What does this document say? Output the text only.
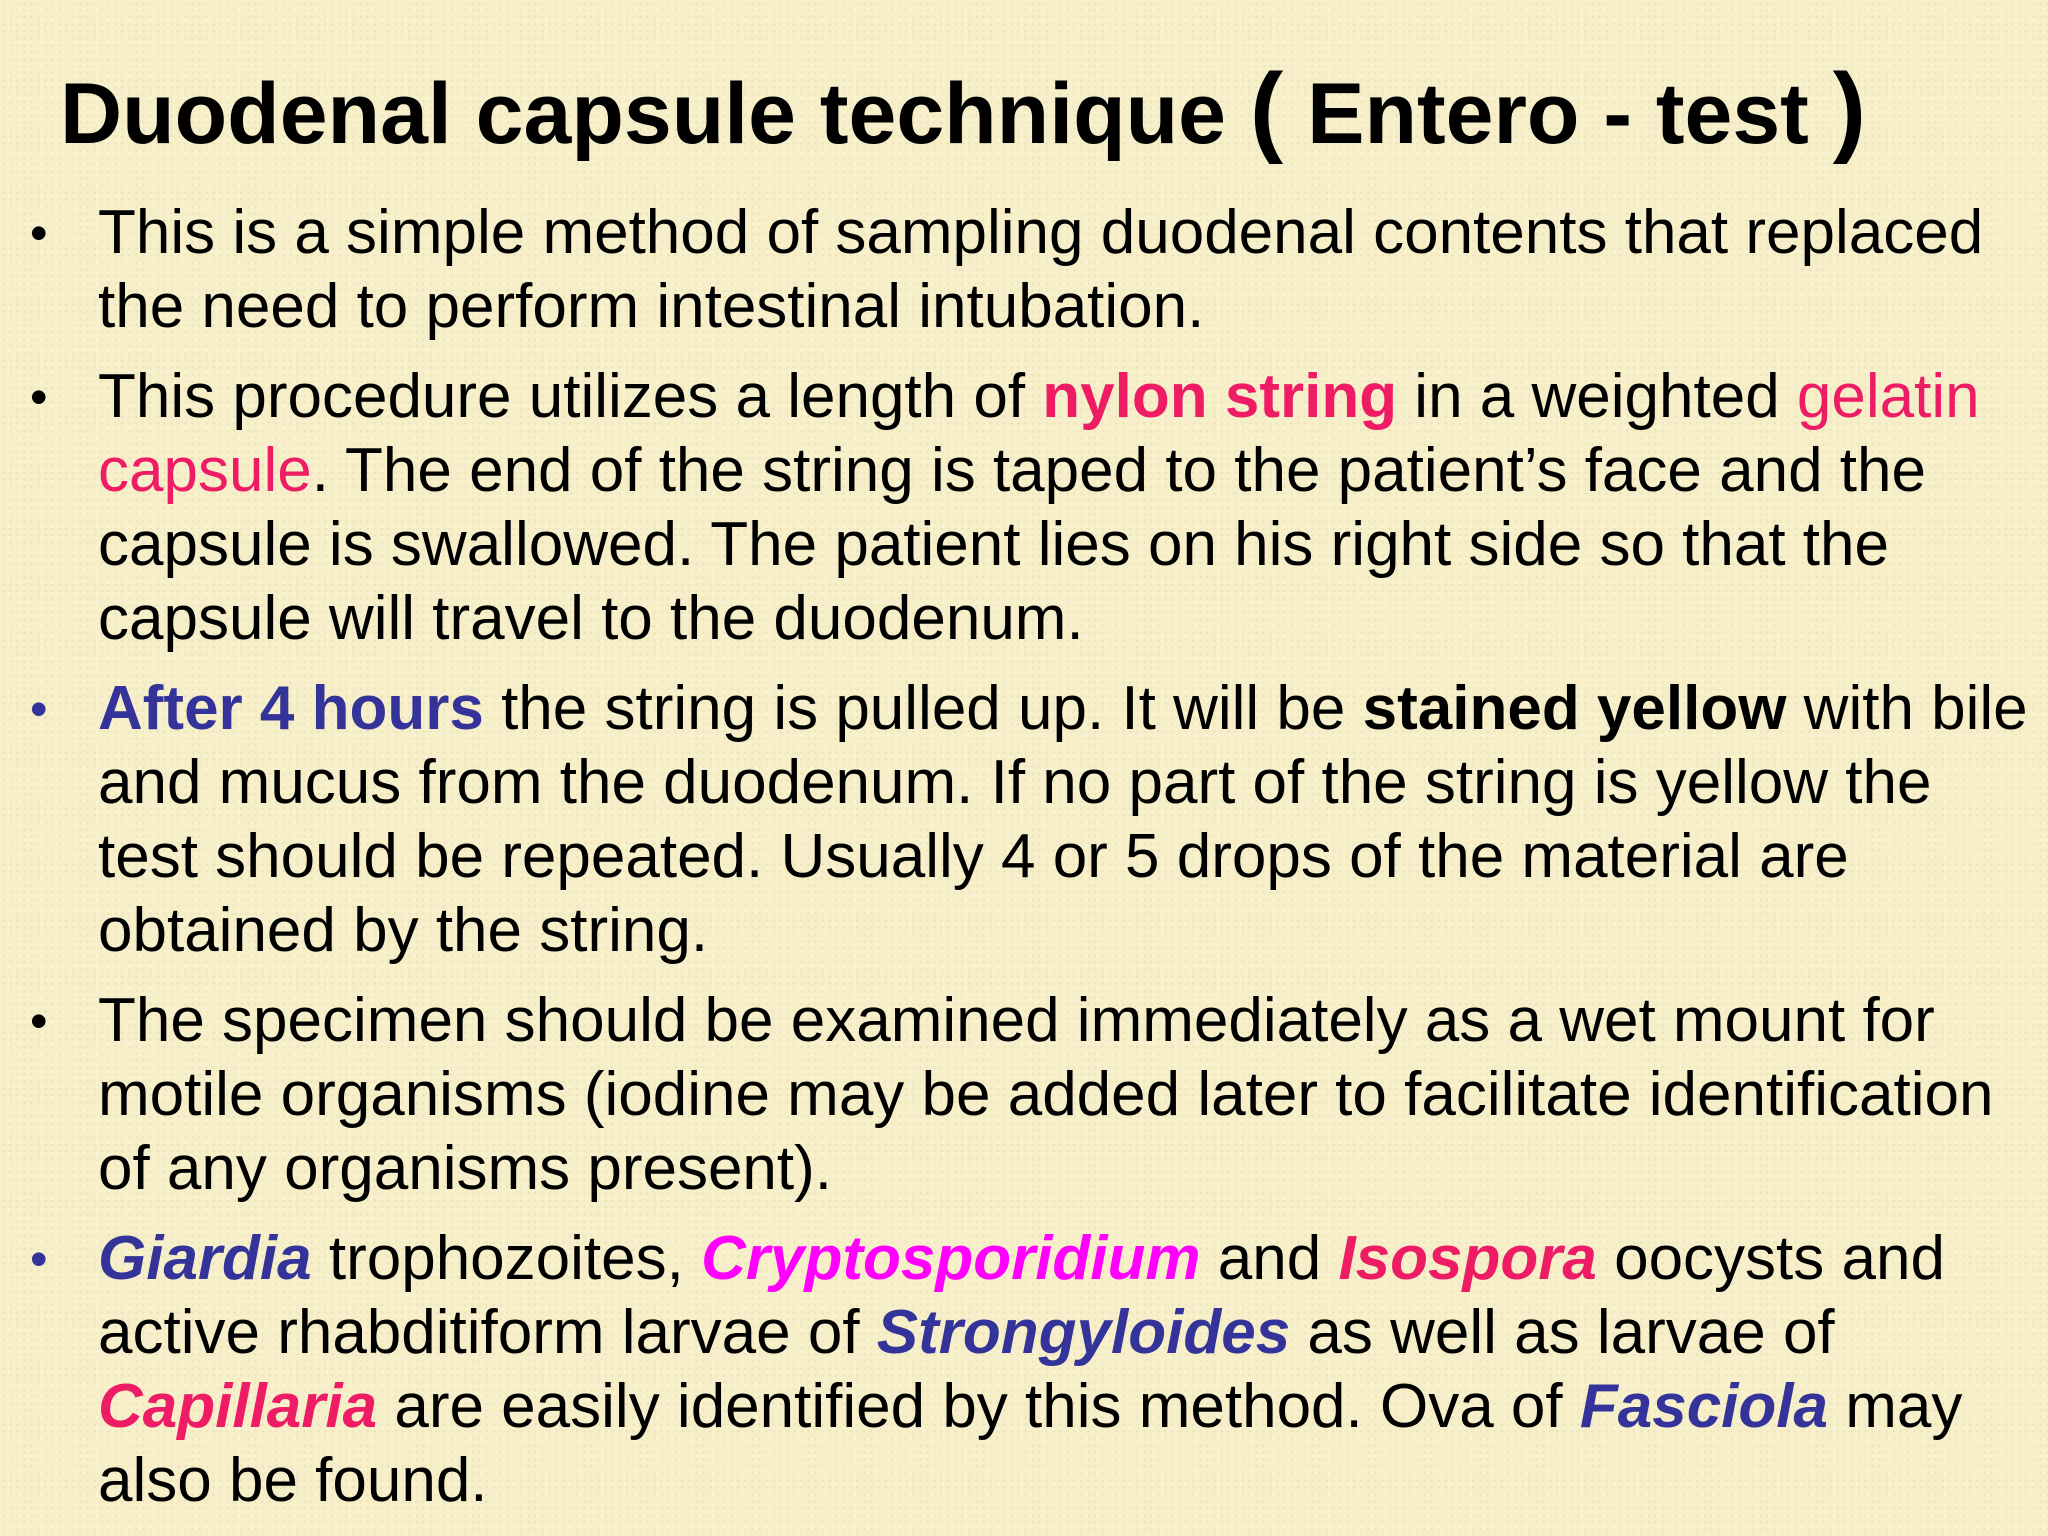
Duodenal capsule technique ( Entero - test )
• This is a simple method of sampling duodenal contents that replaced the need to perform intestinal intubation.
• This procedure utilizes a length of nylon string in a weighted gelatin capsule. The end of the string is taped to the patient’s face and the capsule is swallowed. The patient lies on his right side so that the capsule will travel to the duodenum.
• After 4 hours the string is pulled up. It will be stained yellow with bile and mucus from the duodenum. If no part of the string is yellow the test should be repeated. Usually 4 or 5 drops of the material are obtained by the string.
• The specimen should be examined immediately as a wet mount for motile organisms (iodine may be added later to facilitate identification of any organisms present).
• Giardia trophozoites, Cryptosporidium and Isospora oocysts and active rhabditiform larvae of Strongyloides as well as larvae of Capillaria are easily identified by this method. Ova of Fasciola may also be found.
